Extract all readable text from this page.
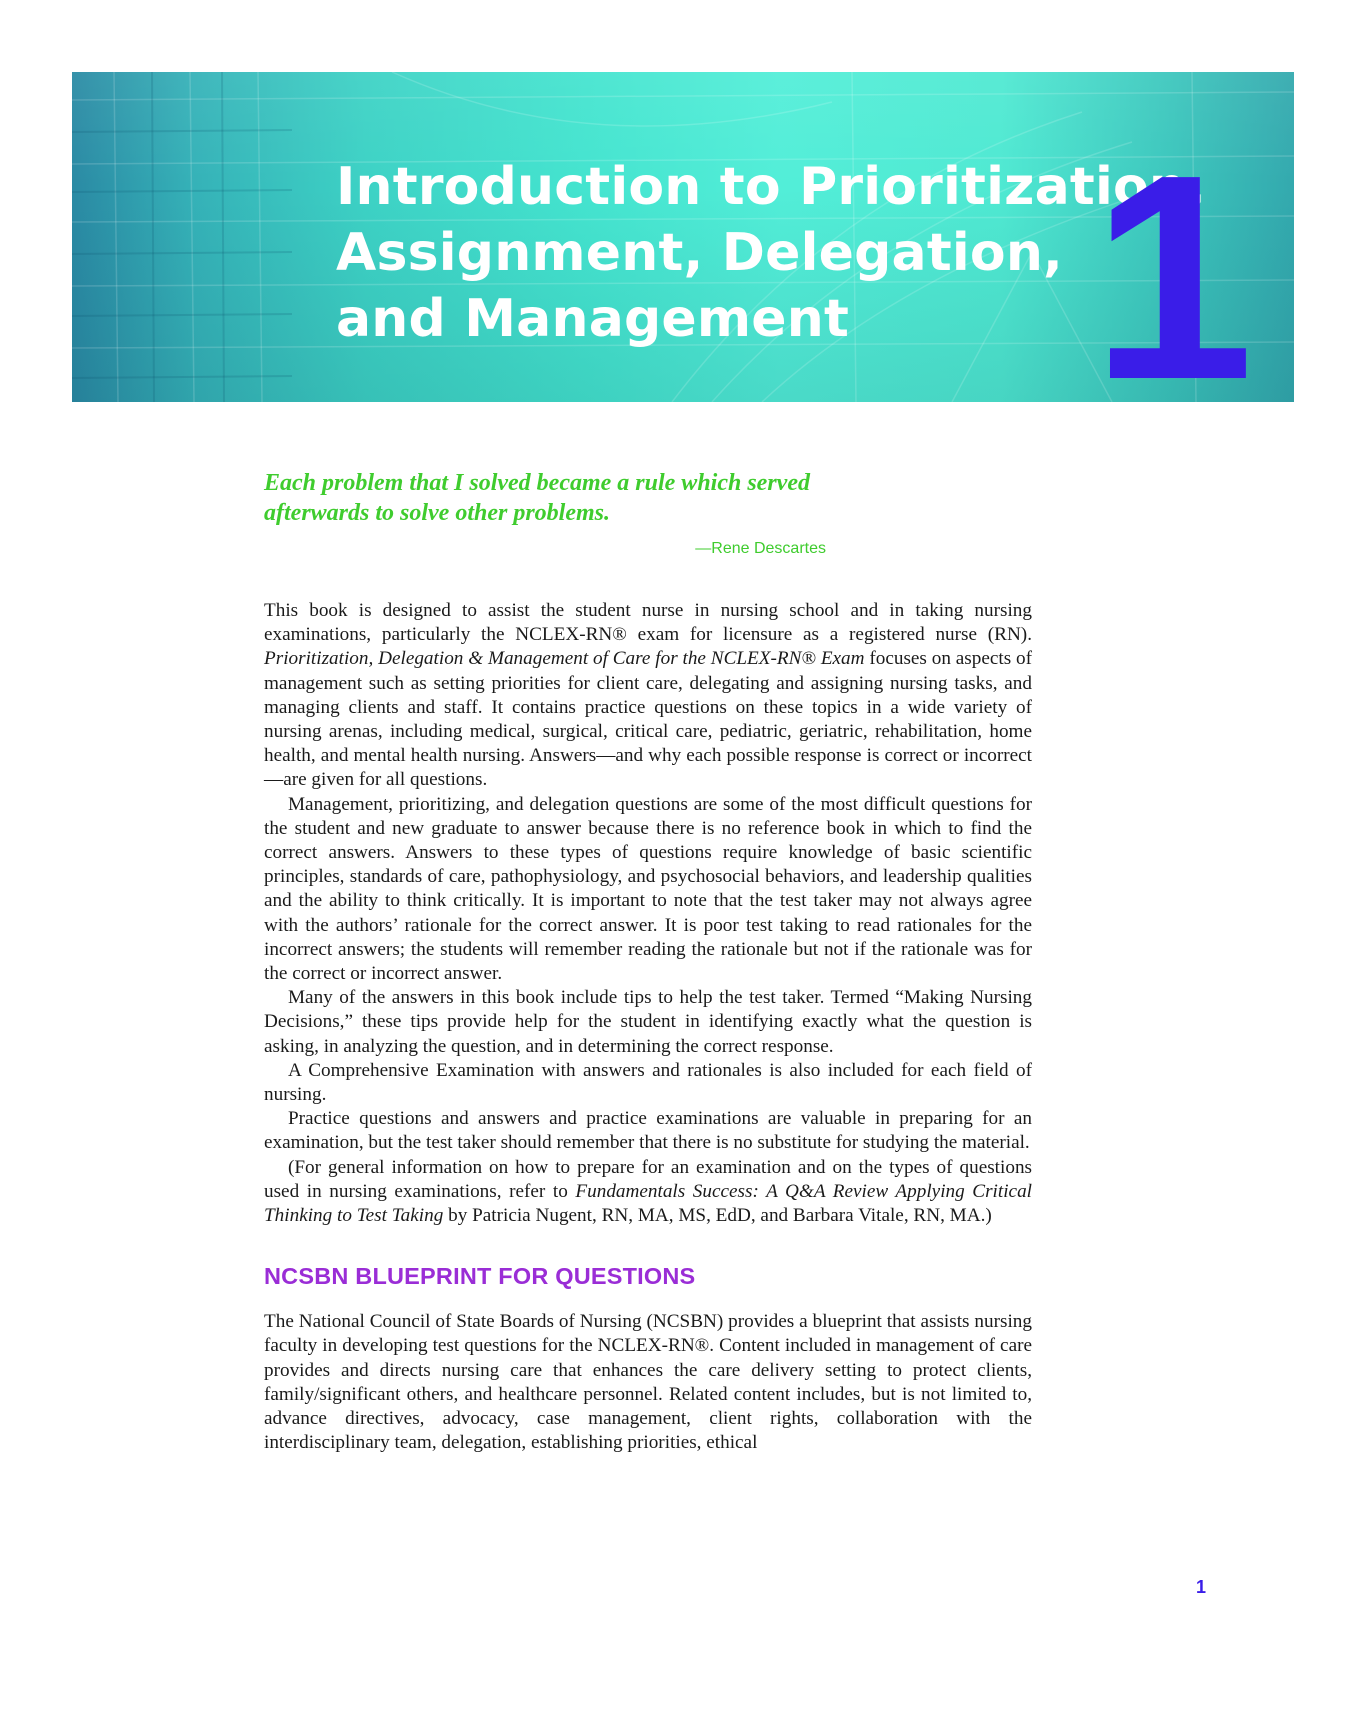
Introduction to Prioritization,
Assignment, Delegation,
and Management 1

Each problem that I solved became a rule which served
afterwards to solve other problems.

—Rene Descartes

This book is designed to assist the student nurse in nursing school and in taking nursing examinations, particularly the NCLEX-RN® exam for licensure as a registered nurse (RN). Prioritization, Delegation & Management of Care for the NCLEX-RN® Exam focuses on aspects of management such as setting priorities for client care, delegating and assigning nursing tasks, and managing clients and staff. It contains practice questions on these topics in a wide variety of nursing arenas, including medical, surgical, critical care, pediatric, geriatric, rehabilitation, home health, and mental health nursing. Answers—and why each possible response is correct or incorrect—are given for all questions.

Management, prioritizing, and delegation questions are some of the most difficult questions for the student and new graduate to answer because there is no reference book in which to find the correct answers. Answers to these types of questions require knowledge of basic scientific principles, standards of care, pathophysiology, and psychosocial behaviors, and leadership qualities and the ability to think critically. It is important to note that the test taker may not always agree with the authors’ rationale for the correct answer. It is poor test taking to read rationales for the incorrect answers; the students will remember reading the rationale but not if the rationale was for the correct or incorrect answer.

Many of the answers in this book include tips to help the test taker. Termed “Making Nursing Decisions,” these tips provide help for the student in identifying exactly what the question is asking, in analyzing the question, and in determining the correct response.

A Comprehensive Examination with answers and rationales is also included for each field of nursing.

Practice questions and answers and practice examinations are valuable in preparing for an examination, but the test taker should remember that there is no substitute for studying the material.

(For general information on how to prepare for an examination and on the types of questions used in nursing examinations, refer to Fundamentals Success: A Q&A Review Applying Critical Thinking to Test Taking by Patricia Nugent, RN, MA, MS, EdD, and Barbara Vitale, RN, MA.)

NCSBN BLUEPRINT FOR QUESTIONS

The National Council of State Boards of Nursing (NCSBN) provides a blueprint that assists nursing faculty in developing test questions for the NCLEX-RN®. Content included in management of care provides and directs nursing care that enhances the care delivery setting to protect clients, family/significant others, and healthcare personnel. Related content includes, but is not limited to, advance directives, advocacy, case management, client rights, collaboration with the interdisciplinary team, delegation, establishing priorities, ethical

1
